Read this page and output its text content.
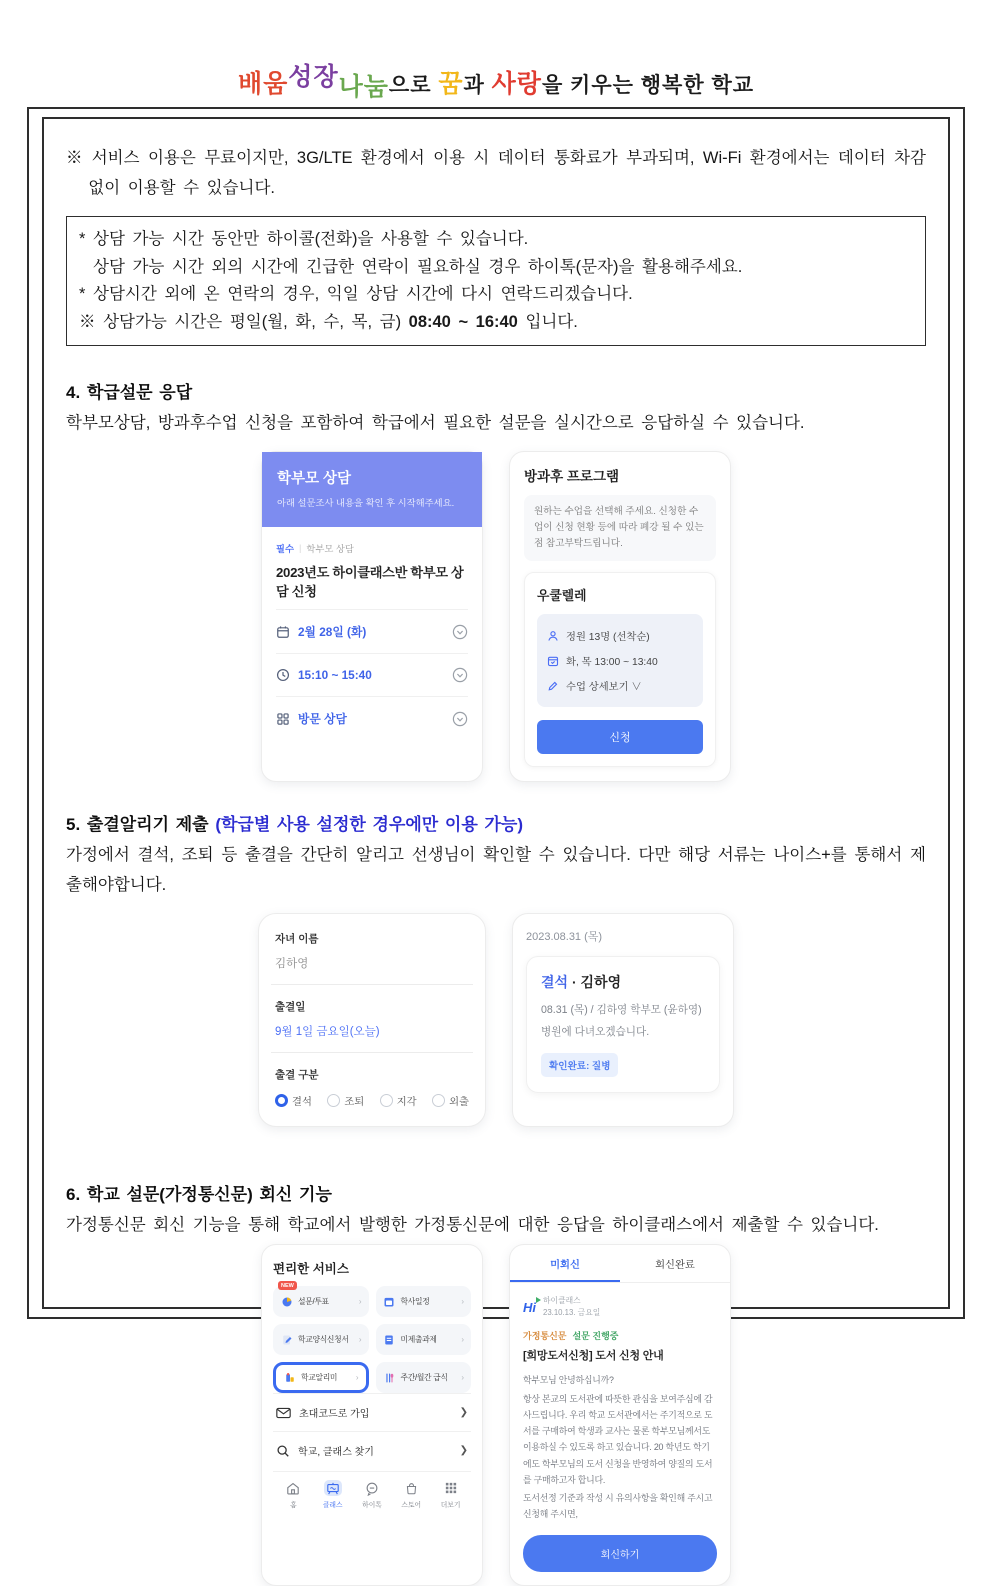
배움성장나눔으로 꿈과 사랑을 키우는 행복한 학교

※ 서비스 이용은 무료이지만, 3G/LTE 환경에서 이용 시 데이터 통화료가 부과되며, Wi-Fi 환경에서는 데이터 차감 없이 이용할 수 있습니다.

* 상담 가능 시간 동안만 하이콜(전화)을 사용할 수 있습니다.

상담 가능 시간 외의 시간에 긴급한 연락이 필요하실 경우 하이톡(문자)을 활용해주세요.

* 상담시간 외에 온 연락의 경우, 익일 상담 시간에 다시 연락드리겠습니다.

※ 상담가능 시간은 평일(월, 화, 수, 목, 금) 08:40 ~ 16:40 입니다.

4. 학급설문 응답

학부모상담, 방과후수업 신청을 포함하여 학급에서 필요한 설문을 실시간으로 응답하실 수 있습니다.

학부모 상담
아래 설문조사 내용을 확인 후 시작해주세요.
필수 | 학부모 상담
2023년도 하이클래스반 학부모 상담 신청
2월 28일 (화)
15:10 ~ 15:40
방문 상담
방과후 프로그램
원하는 수업을 선택해 주세요. 신청한 수업이 신청 현황 등에 따라 폐강 될 수 있는 점 참고부탁드립니다.
우쿨렐레
정원 13명 (선착순)
화, 목 13:00 ~ 13:40
수업 상세보기 ∨
신청
5. 출결알리기 제출 (학급별 사용 설정한 경우에만 이용 가능)

가정에서 결석, 조퇴 등 출결을 간단히 알리고 선생님이 확인할 수 있습니다. 다만 해당 서류는 나이스+를 통해서 제출해야합니다.

자녀 이름
김하영
출결일
9월 1일 금요일(오늘)
출결 구분
결석	조퇴	지각	외출
2023.08.31 (목)
결석 · 김하영
08.31 (목) / 김하영 학부모 (윤하영)
병원에 다녀오겠습니다.
확인완료: 질병
6. 학교 설문(가정통신문) 회신 기능

가정통신문 회신 기능을 통해 학교에서 발행한 가정통신문에 대한 응답을 하이클래스에서 제출할 수 있습니다.

편리한 서비스
NEW
설문/투표	›	학사일정	›
학교양식신청서	›	미제출과제	›
학교알리미	›	주간/월간 급식	›
초대코드로 가입	❯
학교, 클래스 찾기	❯
홈	클래스	하이톡	스토어	더보기
미회신	회신완료
Hi 하이클래스
23.10.13. 금요일
가정통신문 설문 진행중
[희망도서신청] 도서 신청 안내

학부모님 안녕하십니까?

항상 본교의 도서관에 따뜻한 관심을 보여주심에 감사드립니다. 우리 학교 도서관에서는 주기적으로 도서를 구매하여 학생과 교사는 물론 학부모님께서도 이용하실 수 있도록 하고 있습니다. 20 학년도 학기에도 학부모님의 도서 신청을 반영하여 양질의 도서를 구매하고자 합니다.

도서선정 기준과 작성 시 유의사항을 확인해 주시고 신청해 주시면,

회신하기
